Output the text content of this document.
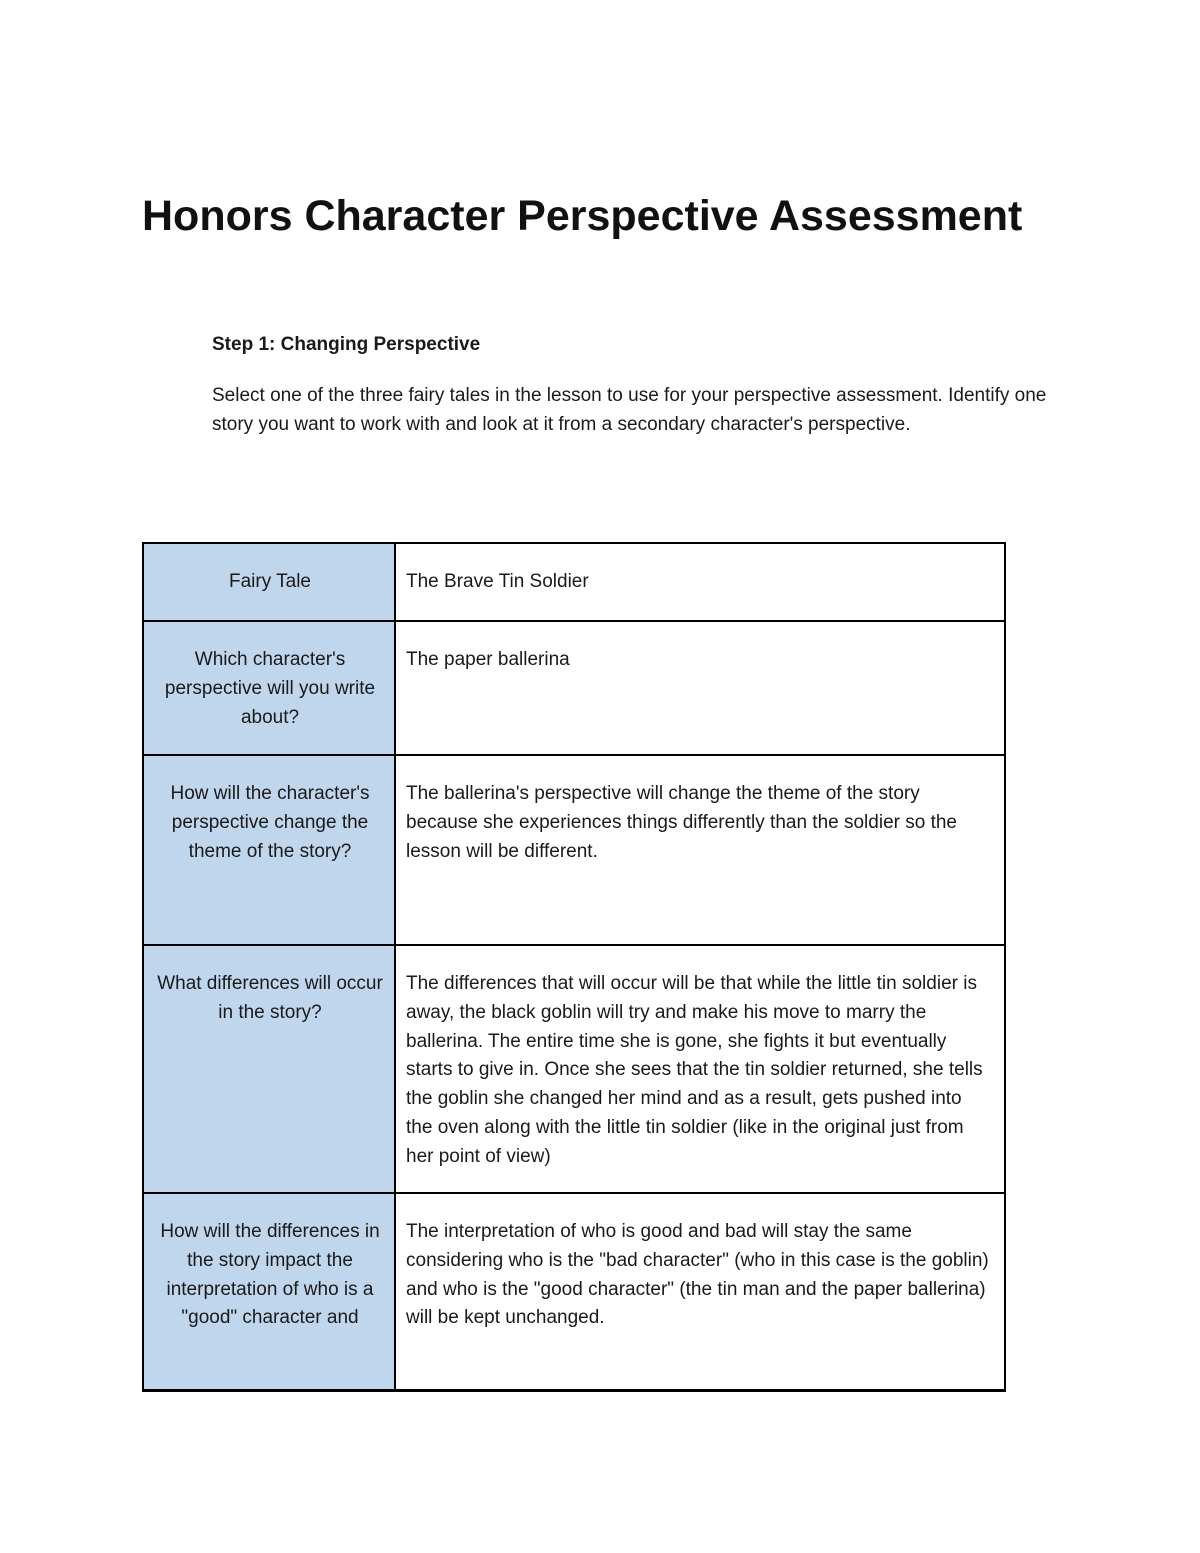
Honors Character Perspective Assessment
Step 1: Changing Perspective

Select one of the three fairy tales in the lesson to use for your perspective assessment. Identify one story you want to work with and look at it from a secondary character's perspective.

Fairy Tale	The Brave Tin Soldier

Which character's perspective will you write about?	The paper ballerina

How will the character's perspective change the theme of the story?	The ballerina's perspective will change the theme of the story because she experiences things differently than the soldier so the lesson will be different.

What differences will occur in the story?	The differences that will occur will be that while the little tin soldier is away, the black goblin will try and make his move to marry the ballerina. The entire time she is gone, she fights it but eventually starts to give in. Once she sees that the tin soldier returned, she tells the goblin she changed her mind and as a result, gets pushed into the oven along with the little tin soldier (like in the original just from her point of view)

How will the differences in the story impact the interpretation of who is a "good" character and	The interpretation of who is good and bad will stay the same considering who is the "bad character" (who in this case is the goblin) and who is the "good character" (the tin man and the paper ballerina) will be kept unchanged.
